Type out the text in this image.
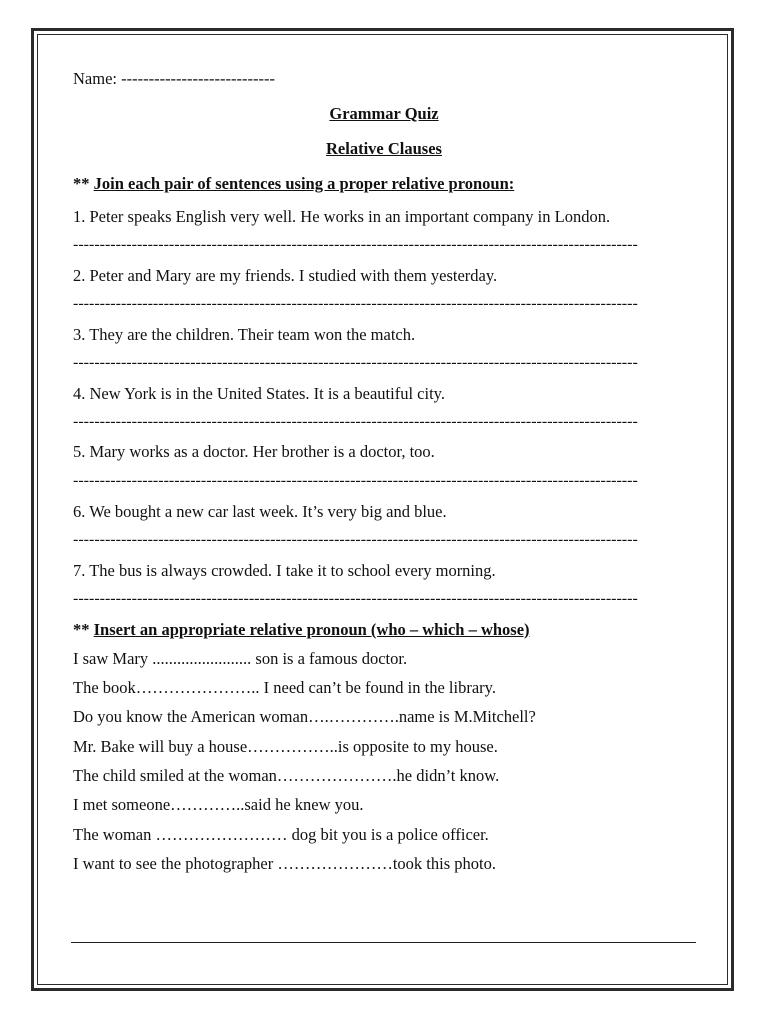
Name: ----------------------------
Grammar Quiz
Relative Clauses
** Join each pair of sentences using a proper relative pronoun:
1. Peter speaks English very well. He works in an important company in London.
----------------------------------------------------------------------------------------------------------
2. Peter and Mary are my friends. I studied with them yesterday.
----------------------------------------------------------------------------------------------------------
3. They are the children. Their team won the match.
----------------------------------------------------------------------------------------------------------
4. New York is in the United States. It is a beautiful city.
----------------------------------------------------------------------------------------------------------
5. Mary works as a doctor. Her brother is a doctor, too.
----------------------------------------------------------------------------------------------------------
6. We bought a new car last week. It’s very big and blue.
----------------------------------------------------------------------------------------------------------
7. The bus is always crowded. I take it to school every morning.
----------------------------------------------------------------------------------------------------------
** Insert an appropriate relative pronoun (who – which – whose)
I saw Mary ........................ son is a famous doctor.
The book………………….. I need can’t be found in the library.
Do you know the American woman….………….name is M.Mitchell?
Mr. Bake will buy a house……………..is opposite to my house.
The child smiled at the woman………………….he didn’t know.
I met someone…………..said he knew you.
The woman …………………… dog bit you is a police officer.
I want to see the photographer …………………took this photo.
